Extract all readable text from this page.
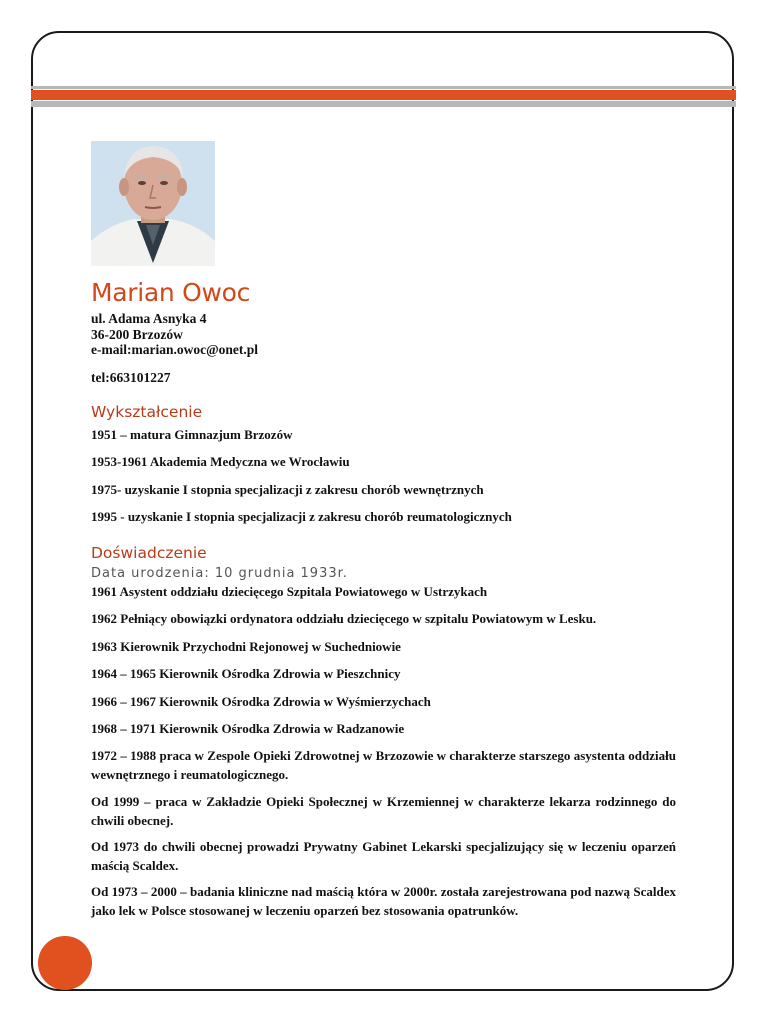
Marian Owoc
ul. Adama Asnyka 4
36-200 Brzozów
e-mail:marian.owoc@onet.pl
tel:663101227
Wykształcenie
1951 – matura Gimnazjum Brzozów
1953-1961 Akademia Medyczna we Wrocławiu
1975- uzyskanie I stopnia specjalizacji z zakresu chorób wewnętrznych
1995 - uzyskanie I stopnia specjalizacji z zakresu chorób reumatologicznych
Doświadczenie
Data urodzenia: 10 grudnia 1933r.
1961 Asystent oddziału dziecięcego Szpitala Powiatowego w Ustrzykach
1962 Pełniący obowiązki ordynatora oddziału dziecięcego w szpitalu Powiatowym w Lesku.
1963 Kierownik Przychodni Rejonowej w Suchedniowie
1964 – 1965 Kierownik Ośrodka Zdrowia w Pieszchnicy
1966 – 1967 Kierownik Ośrodka Zdrowia w Wyśmierzychach
1968 – 1971 Kierownik Ośrodka Zdrowia w Radzanowie
1972 – 1988 praca w Zespole Opieki Zdrowotnej w Brzozowie w charakterze starszego asystenta oddziału wewnętrznego i reumatologicznego.
Od 1999 – praca w Zakładzie Opieki Społecznej w Krzemiennej w charakterze lekarza rodzinnego do chwili obecnej.
Od 1973 do chwili obecnej prowadzi Prywatny Gabinet Lekarski specjalizujący się w leczeniu oparzeń maścią Scaldex.
Od 1973 – 2000 – badania kliniczne nad maścią która w 2000r. została zarejestrowana pod nazwą Scaldex jako lek w Polsce stosowanej w leczeniu oparzeń bez stosowania opatrunków.
